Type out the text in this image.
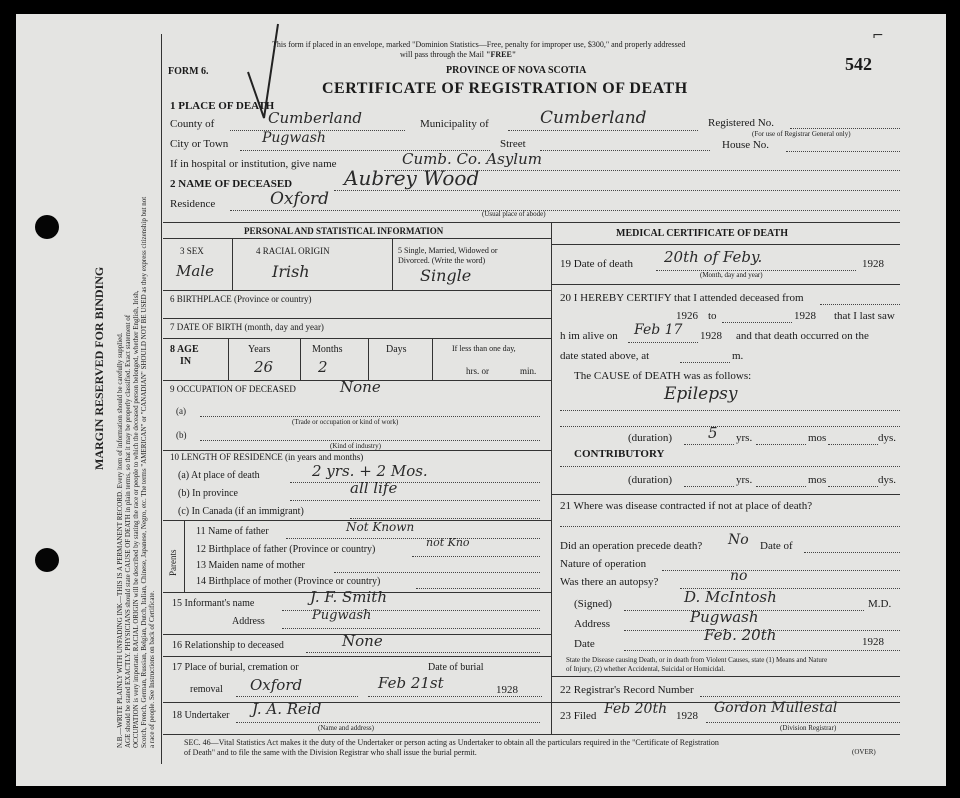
MARGIN RESERVED FOR BINDING N.B.—WRITE PLAINLY WITH UNFADING INK—THIS IS A PERMANENT RECORD. Every item of information should be carefully supplied. AGE should be stated EXACTLY. PHYSICIANS should state CAUSE OF DEATH in plain terms, so that it may be properly classified. Exact statement of OCCUPATION is very important. RACIAL ORIGIN will be described by stating the race or people to which the deceased person belonged, whether English, Irish, Scotch, French, German, Russian, Belgian, Dutch, Italian, Chinese, Japanese, Negro, etc. The terms "AMERICAN" or "CANADIAN" SHOULD NOT BE USED as they express citizenship but not a race of people. See Instructions on back of Certificate.
This form if placed in an envelope, marked "Dominion Statistics—Free, penalty for improper use, $300," and properly addressed
will pass through the Mail "FREE"
PROVINCE OF NOVA SCOTIA
FORM 6.
CERTIFICATE OF REGISTRATION OF DEATH
542
⌐
1 PLACE OF DEATH
County of	Cumberland	Municipality of	Cumberland	Registered No.
(For use of Registrar General only)
City or Town Pugwash	Street	House No.
If in hospital or institution, give name	Cumb. Co. Asylum
2 NAME OF DECEASED	Aubrey Wood
Residence	Oxford
(Usual place of abode)
PERSONAL AND STATISTICAL INFORMATION
3 SEX	4 RACIAL ORIGIN	5 Single, Married, Widowed or
Divorced. (Write the word)
Male	Irish	Single
6 BIRTHPLACE (Province or country)
7 DATE OF BIRTH (month, day and year)
8 AGE
IN
Years	Months	Days	If less than one day,
hrs. or	min.
26	2
9 OCCUPATION OF DECEASED	None
(a)
(Trade or occupation or kind of work)
(b)
(Kind of industry)
10 LENGTH OF RESIDENCE (in years and months)
(a) At place of death	2 yrs. + 2 Mos.
(b) In province	all life
(c) In Canada (if an immigrant)
Parents
11 Name of father	Not Known
12 Birthplace of father (Province or country)
not Kno
13 Maiden name of mother
14 Birthplace of mother (Province or country)
15 Informant's name	J. F. Smith
Address	Pugwash
16 Relationship to deceased	None
17 Place of burial, cremation or
removal Oxford
Date of burial
Feb 21st	1928
18 Undertaker J. A. Reid
(Name and address)
MEDICAL CERTIFICATE OF DEATH
19 Date of death 20th of Feby.	1928
(Month, day and year)
20 I HEREBY CERTIFY that I attended deceased from
1926 to	1928 that I last saw
h im alive on Feb 17 1928 and that death occurred on the
date stated above, at	m.
The CAUSE of DEATH was as follows:
Epilepsy
(duration) 5 yrs.	mos	dys.
CONTRIBUTORY
(duration)	yrs.	mos	dys.
21 Where was disease contracted if not at place of death?
Did an operation precede death? No Date of
Nature of operation
Was there an autopsy?	no
(Signed)	D. McIntosh	M.D.
Address	Pugwash
Date	Feb. 20th	1928
State the Disease causing Death, or in death from Violent Causes, state (1) Means and Nature
of Injury, (2) whether Accidental, Suicidal or Homicidal.
22 Registrar's Record Number
23 Filed Feb 20th 1928 Gordon Mullestal
(Division Registrar)
SEC. 46—Vital Statistics Act makes it the duty of the Undertaker or person acting as Undertaker to obtain all the particulars required in the "Certificate of Registration
of Death" and to file the same with the Division Registrar who shall issue the burial permit.	(OVER)
